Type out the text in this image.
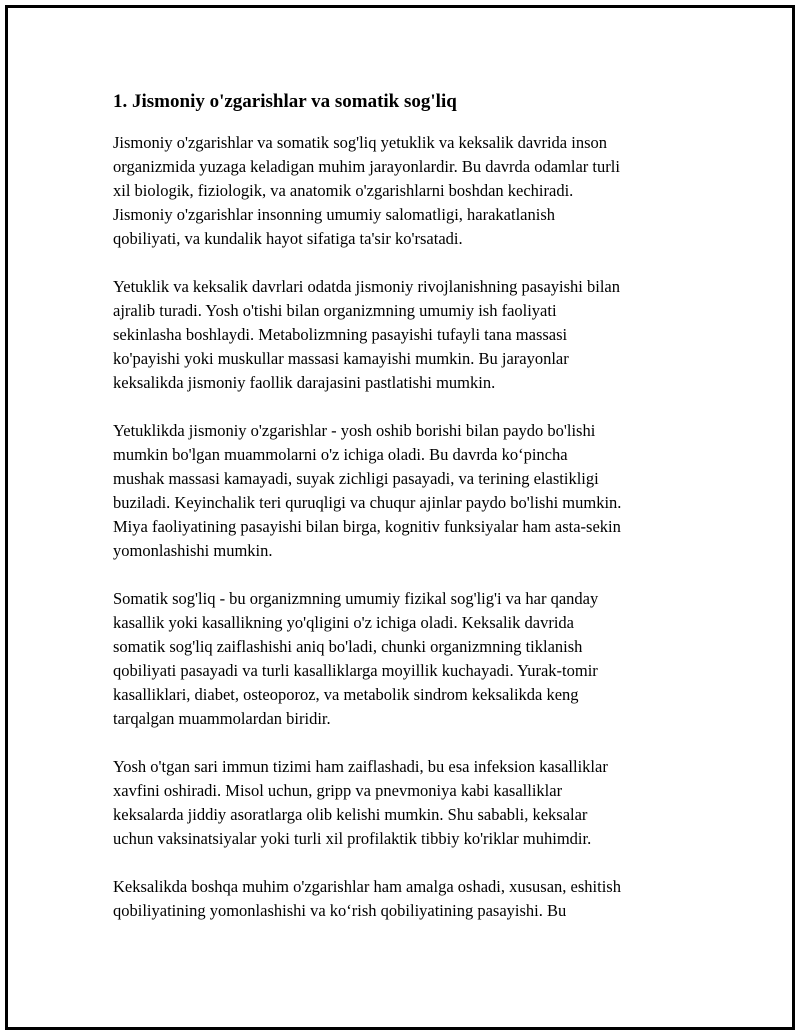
1. Jismoniy o'zgarishlar va somatik sog'liq

Jismoniy o'zgarishlar va somatik sog'liq yetuklik va keksalik davrida inson
organizmida yuzaga keladigan muhim jarayonlardir. Bu davrda odamlar turli
xil biologik, fiziologik, va anatomik o'zgarishlarni boshdan kechiradi.
Jismoniy o'zgarishlar insonning umumiy salomatligi, harakatlanish
qobiliyati, va kundalik hayot sifatiga ta'sir ko'rsatadi.

Yetuklik va keksalik davrlari odatda jismoniy rivojlanishning pasayishi bilan
ajralib turadi. Yosh o'tishi bilan organizmning umumiy ish faoliyati
sekinlasha boshlaydi. Metabolizmning pasayishi tufayli tana massasi
ko'payishi yoki muskullar massasi kamayishi mumkin. Bu jarayonlar
keksalikda jismoniy faollik darajasini pastlatishi mumkin.

Yetuklikda jismoniy o'zgarishlar - yosh oshib borishi bilan paydo bo'lishi
mumkin bo'lgan muammolarni o'z ichiga oladi. Bu davrda ko‘pincha
mushak massasi kamayadi, suyak zichligi pasayadi, va terining elastikligi
buziladi. Keyinchalik teri quruqligi va chuqur ajinlar paydo bo'lishi mumkin.
Miya faoliyatining pasayishi bilan birga, kognitiv funksiyalar ham asta-sekin
yomonlashishi mumkin.

Somatik sog'liq - bu organizmning umumiy fizikal sog'lig'i va har qanday
kasallik yoki kasallikning yo'qligini o'z ichiga oladi. Keksalik davrida
somatik sog'liq zaiflashishi aniq bo'ladi, chunki organizmning tiklanish
qobiliyati pasayadi va turli kasalliklarga moyillik kuchayadi. Yurak-tomir
kasalliklari, diabet, osteoporoz, va metabolik sindrom keksalikda keng
tarqalgan muammolardan biridir.

Yosh o'tgan sari immun tizimi ham zaiflashadi, bu esa infeksion kasalliklar
xavfini oshiradi. Misol uchun, gripp va pnevmoniya kabi kasalliklar
keksalarda jiddiy asoratlarga olib kelishi mumkin. Shu sababli, keksalar
uchun vaksinatsiyalar yoki turli xil profilaktik tibbiy ko'riklar muhimdir.

Keksalikda boshqa muhim o'zgarishlar ham amalga oshadi, xususan, eshitish
qobiliyatining yomonlashishi va ko‘rish qobiliyatining pasayishi. Bu
